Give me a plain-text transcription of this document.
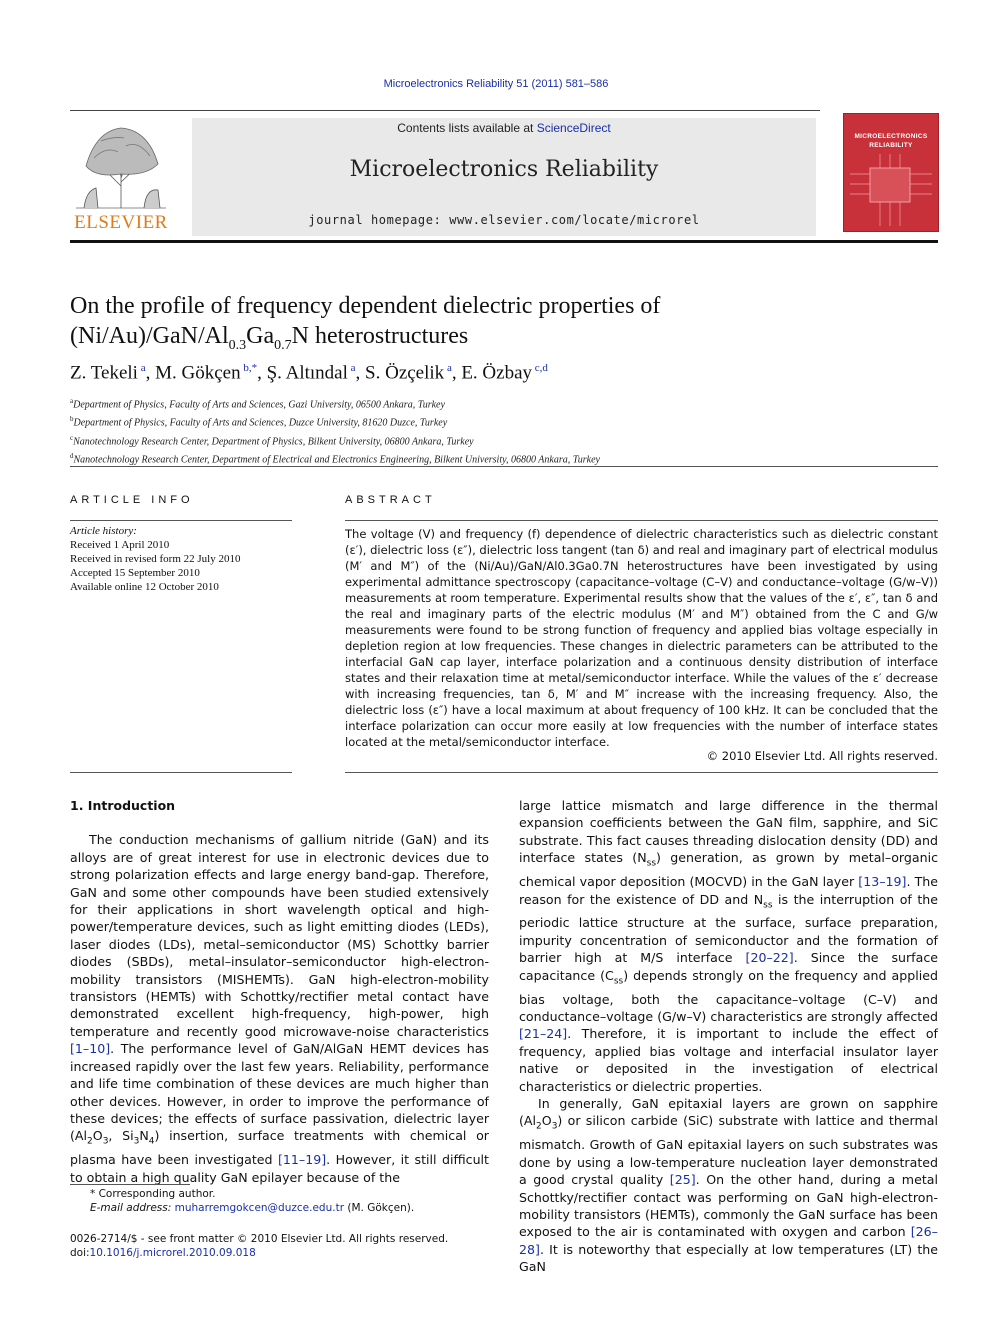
Microelectronics Reliability 51 (2011) 581–586
ELSEVIER
Contents lists available at ScienceDirect
Microelectronics Reliability
journal homepage: www.elsevier.com/locate/microrel
MICROELECTRONICS
RELIABILITY
On the profile of frequency dependent dielectric properties of
$(Ni/Au)/GaN/Al_{0.3}Ga_{0.7}N$ heterostructures
Z. Tekeli $^a$, M. Gökçen $^{b,*}$, Ş. Altındal $^a$, S. Özçelik $^a$, E. Özbay $^{c,d}$
$^a$Department of Physics, Faculty of Arts and Sciences, Gazi University, 06500 Ankara, Turkey
$^b$Department of Physics, Faculty of Arts and Sciences, Duzce University, 81620 Duzce, Turkey
$^c$Nanotechnology Research Center, Department of Physics, Bilkent University, 06800 Ankara, Turkey
$^d$Nanotechnology Research Center, Department of Electrical and Electronics Engineering, Bilkent University, 06800 Ankara, Turkey
ARTICLE INFO	ABSTRACT
Article history:
Received 1 April 2010
Received in revised form 22 July 2010
Accepted 15 September 2010
Available online 12 October 2010
The voltage (V) and frequency (f) dependence of dielectric characteristics such as dielectric constant (ε′), dielectric loss (ε″), dielectric loss tangent (tan δ) and real and imaginary part of electrical modulus (M′ and M″) of the (Ni/Au)/GaN/Al0.3Ga0.7N heterostructures have been investigated by using experimental admittance spectroscopy (capacitance–voltage (C–V) and conductance–voltage (G/w–V)) measurements at room temperature. Experimental results show that the values of the ε′, ε″, tan δ and the real and imaginary parts of the electric modulus (M′ and M″) obtained from the C and G/w measurements were found to be strong function of frequency and applied bias voltage especially in depletion region at low frequencies. These changes in dielectric parameters can be attributed to the interfacial GaN cap layer, interface polarization and a continuous density distribution of interface states and their relaxation time at metal/semiconductor interface. While the values of the ε′ decrease with increasing frequencies, tan δ, M′ and M″ increase with the increasing frequency. Also, the dielectric loss (ε″) have a local maximum at about frequency of 100 kHz. It can be concluded that the interface polarization can occur more easily at low frequencies with the number of interface states located at the metal/semiconductor interface.
© 2010 Elsevier Ltd. All rights reserved.
1. Introduction

The conduction mechanisms of gallium nitride (GaN) and its alloys are of great interest for use in electronic devices due to strong polarization effects and large energy band-gap. Therefore, GaN and some other compounds have been studied extensively for their applications in short wavelength optical and high-power/temperature devices, such as light emitting diodes (LEDs), laser diodes (LDs), metal–semiconductor (MS) Schottky barrier diodes (SBDs), metal–insulator–semiconductor high-electron-mobility transistors (MISHEMTs). GaN high-electron-mobility transistors (HEMTs) with Schottky/rectifier metal contact have demonstrated excellent high-frequency, high-power, high temperature and recently good microwave-noise characteristics [1–10]. The performance level of GaN/AlGaN HEMT devices has increased rapidly over the last few years. Reliability, performance and life time combination of these devices are much higher than other devices. However, in order to improve the performance of these devices; the effects of surface passivation, dielectric layer ($Al_2O_3$, $Si_3N_4$) insertion, surface treatments with chemical or plasma have been investigated [11–19]. However, it still difficult to obtain a high quality GaN epilayer because of the

large lattice mismatch and large difference in the thermal expansion coefficients between the GaN film, sapphire, and SiC substrate. This fact causes threading dislocation density (DD) and interface states $(N_{ss})$ generation, as grown by metal–organic chemical vapor deposition (MOCVD) in the GaN layer [13–19]. The reason for the existence of DD and $N_{ss}$ is the interruption of the periodic lattice structure at the surface, surface preparation, impurity concentration of semiconductor and the formation of barrier high at M/S interface [20–22]. Since the surface capacitance $(C_{ss})$ depends strongly on the frequency and applied bias voltage, both the capacitance–voltage (C–V) and conductance–voltage (G/w–V) characteristics are strongly affected [21–24]. Therefore, it is important to include the effect of frequency, applied bias voltage and interfacial insulator layer native or deposited in the investigation of electrical characteristics or dielectric properties.

In generally, GaN epitaxial layers are grown on sapphire $(Al_2O_3)$ or silicon carbide (SiC) substrate with lattice and thermal mismatch. Growth of GaN epitaxial layers on such substrates was done by using a low-temperature nucleation layer demonstrated a good crystal quality [25]. On the other hand, during a metal Schottky/rectifier contact was performing on GaN high-electron-mobility transistors (HEMTs), commonly the GaN surface has been exposed to the air is contaminated with oxygen and carbon [26–28]. It is noteworthy that especially at low temperatures (LT) the GaN

* Corresponding author.
E-mail address: muharremgokcen@duzce.edu.tr (M. Gökçen).
0026-2714/$ - see front matter © 2010 Elsevier Ltd. All rights reserved.
doi:10.1016/j.microrel.2010.09.018
